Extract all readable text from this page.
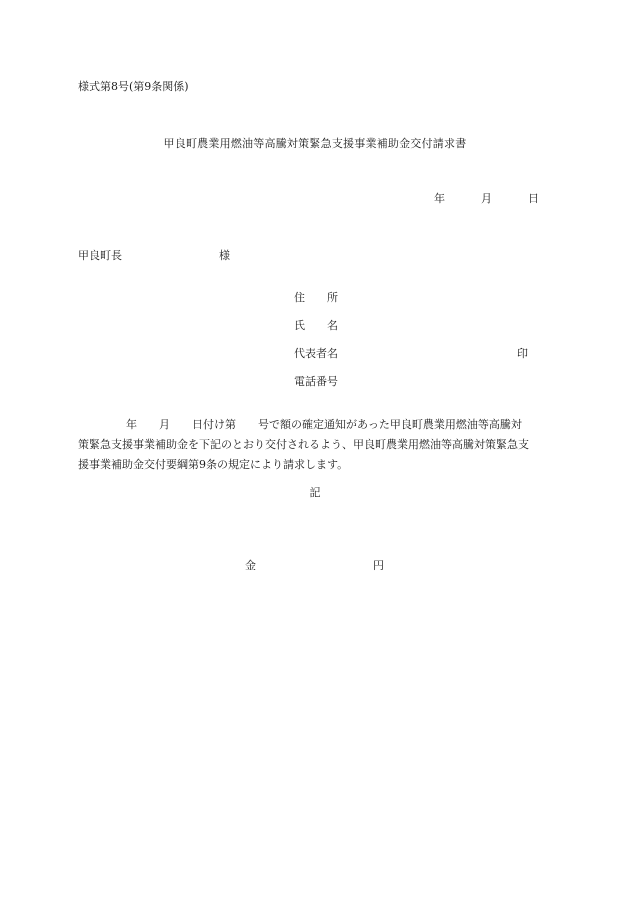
様式第8号(第9条関係)
甲良町農業用燃油等高騰対策緊急支援事業補助金交付請求書
年	月	日
甲良町長	様
住　　所
氏　　名
代表者名	印
電話番号
年　　月　　日付け第　　号で額の確定通知があった甲良町農業用燃油等高騰対
策緊急支援事業補助金を下記のとおり交付されるよう、甲良町農業用燃油等高騰対策緊急支
援事業補助金交付要綱第9条の規定により請求します。
記
金	円
